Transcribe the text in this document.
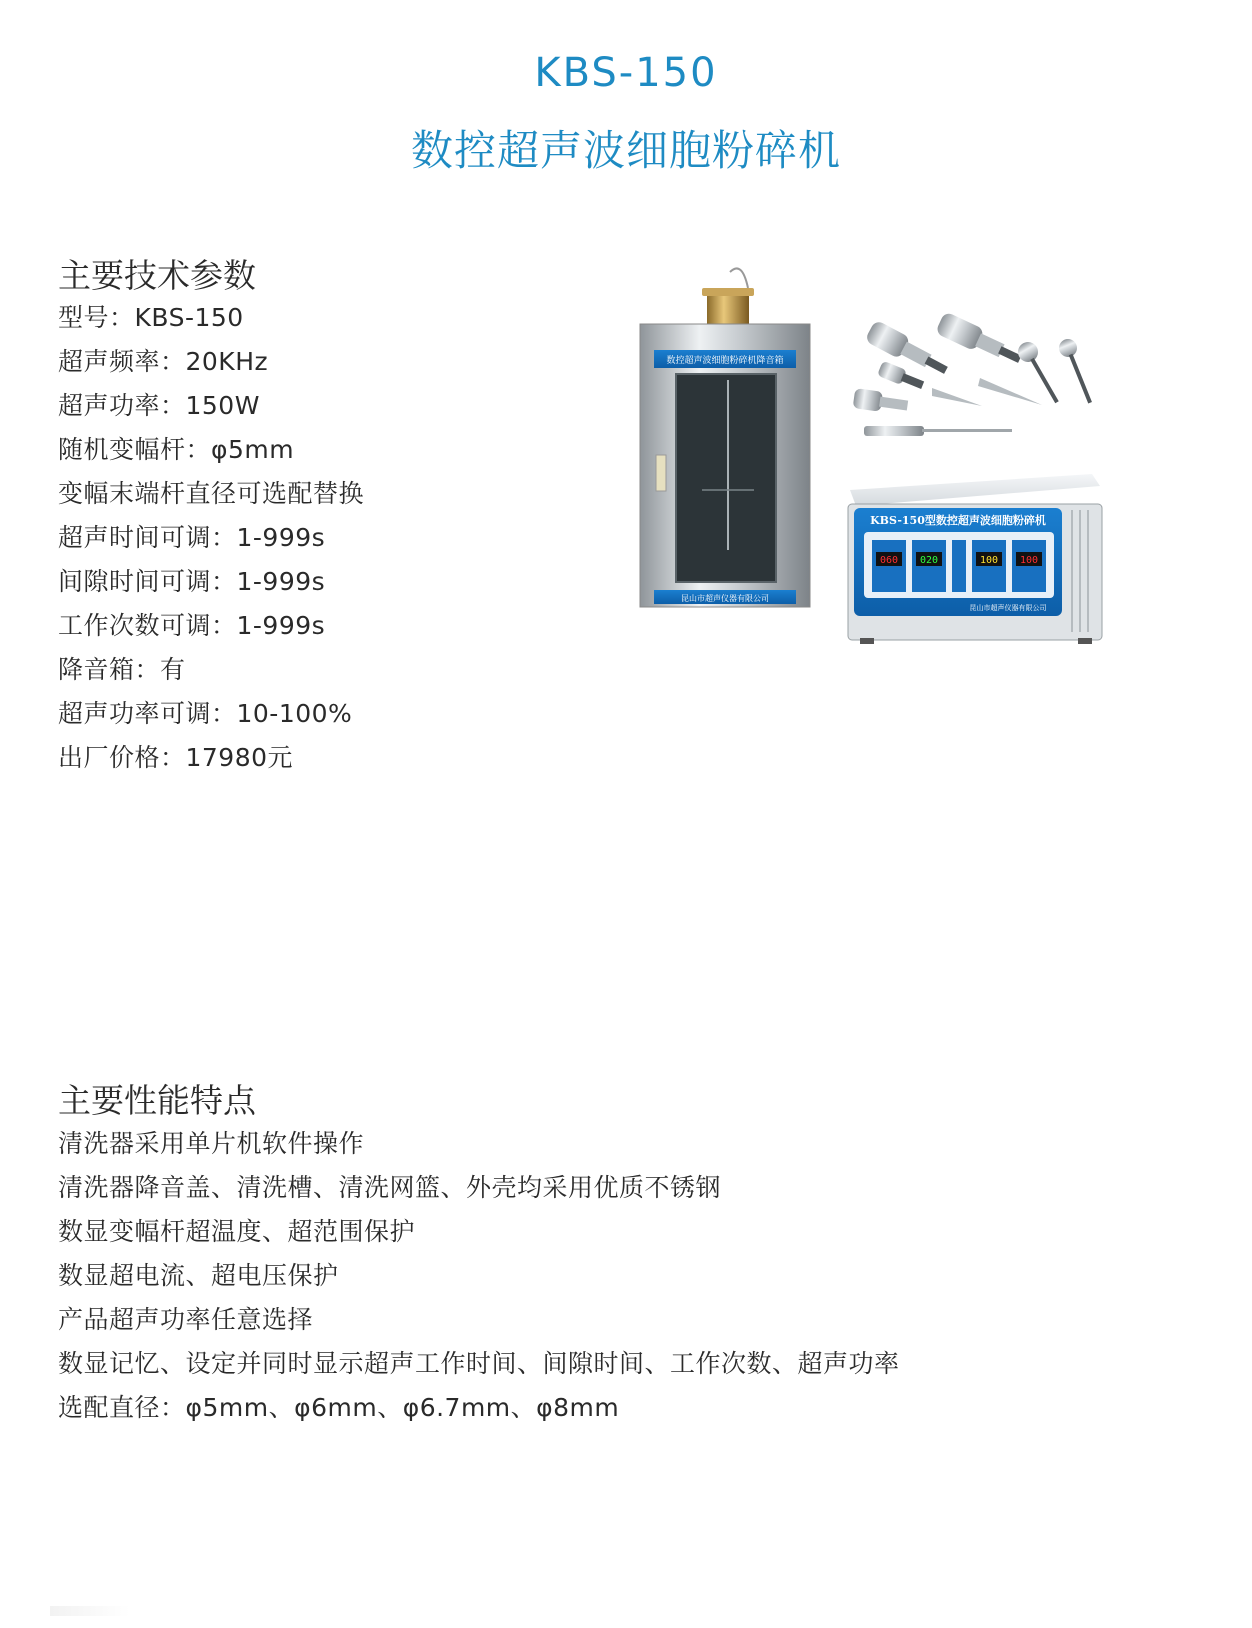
KBS-150
数控超声波细胞粉碎机
主要技术参数
型号：KBS-150
超声频率：20KHz
超声功率：150W
随机变幅杆：φ5mm
变幅末端杆直径可选配替换
超声时间可调：1-999s
间隙时间可调：1-999s
工作次数可调：1-999s
降音箱：有
超声功率可调：10-100%
出厂价格：17980元
数控超声波细胞粉碎机降音箱
昆山市超声仪器有限公司
KBS-150型数控超声波细胞粉碎机
060 020	100 100
昆山市超声仪器有限公司
主要性能特点
清洗器采用单片机软件操作
清洗器降音盖、清洗槽、清洗网篮、外壳均采用优质不锈钢
数显变幅杆超温度、超范围保护
数显超电流、超电压保护
产品超声功率任意选择
数显记忆、设定并同时显示超声工作时间、间隙时间、工作次数、超声功率
选配直径：φ5mm、φ6mm、φ6.7mm、φ8mm
